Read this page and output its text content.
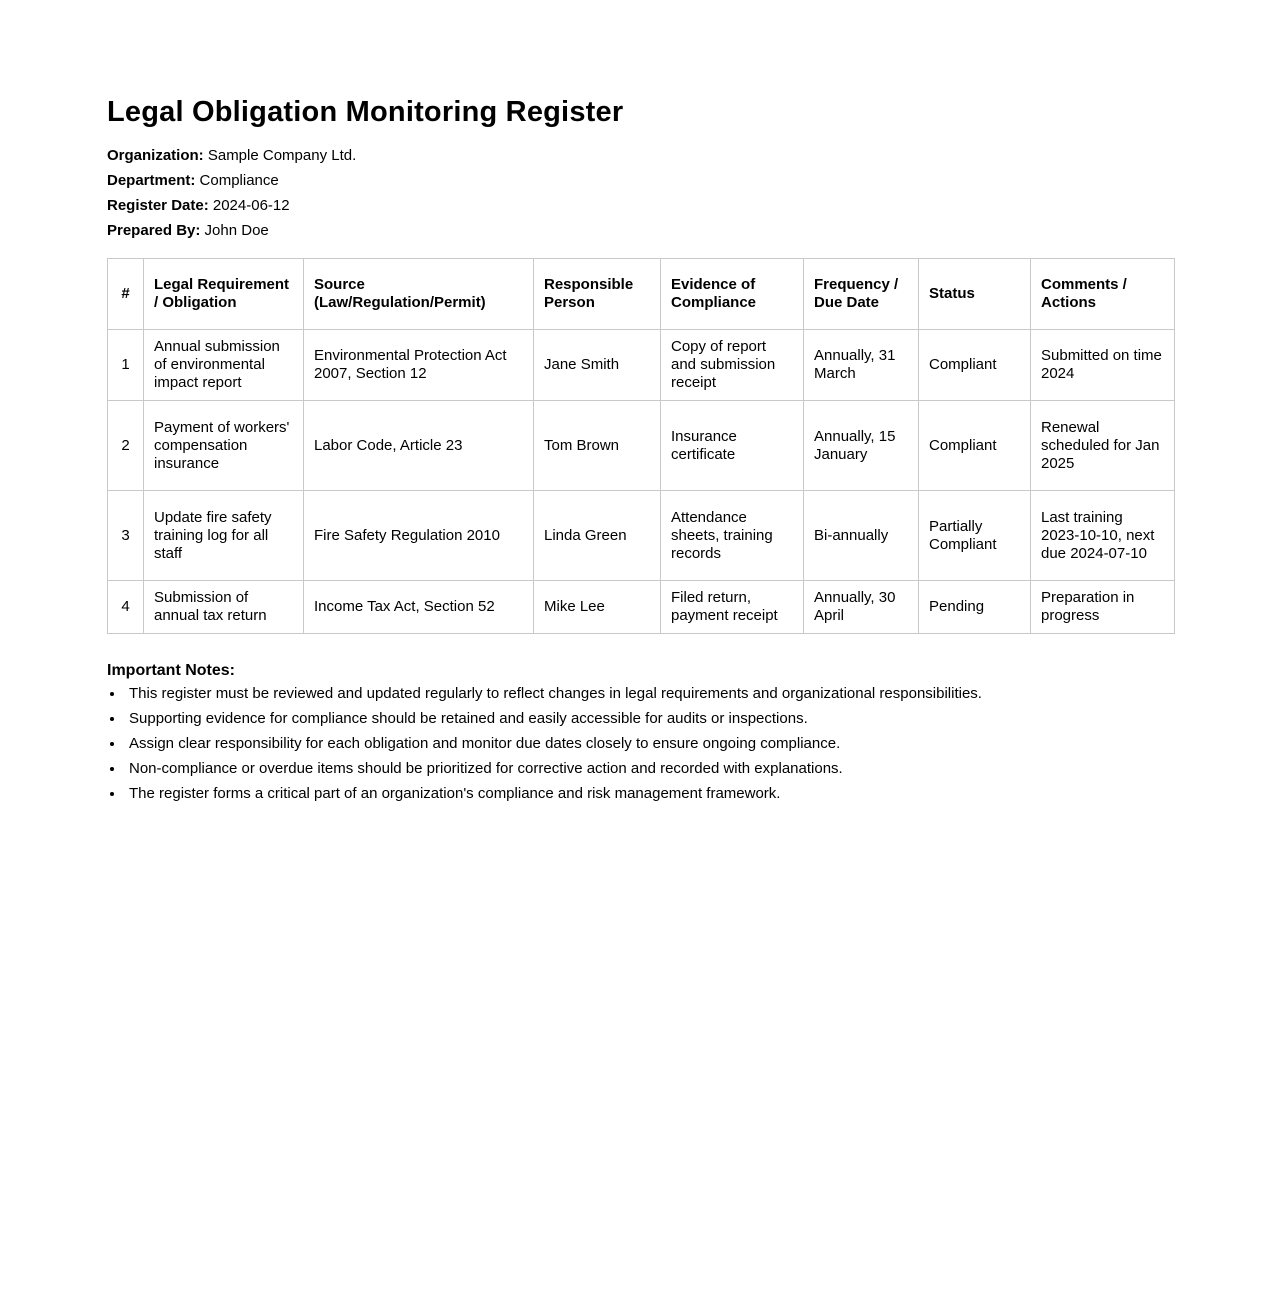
Legal Obligation Monitoring Register

Organization: Sample Company Ltd.

Department: Compliance

Register Date: 2024-06-12

Prepared By: John Doe

#	Legal Requirement / Obligation	Source (Law/Regulation/Permit)	Responsible Person	Evidence of Compliance	Frequency / Due Date	Status	Comments / Actions
1	Annual submission of environmental impact report	Environmental Protection Act 2007, Section 12	Jane Smith	Copy of report and submission receipt	Annually, 31 March	Compliant	Submitted on time 2024
2	Payment of workers' compensation insurance	Labor Code, Article 23	Tom Brown	Insurance certificate	Annually, 15 January	Compliant	Renewal scheduled for Jan 2025
3	Update fire safety training log for all staff	Fire Safety Regulation 2010	Linda Green	Attendance sheets, training records	Bi-annually	Partially Compliant	Last training 2023-10-10, next due 2024-07-10
4	Submission of annual tax return	Income Tax Act, Section 52	Mike Lee	Filed return, payment receipt	Annually, 30 April	Pending	Preparation in progress
Important Notes:
• This register must be reviewed and updated regularly to reflect changes in legal requirements and organizational responsibilities.
• Supporting evidence for compliance should be retained and easily accessible for audits or inspections.
• Assign clear responsibility for each obligation and monitor due dates closely to ensure ongoing compliance.
• Non-compliance or overdue items should be prioritized for corrective action and recorded with explanations.
• The register forms a critical part of an organization's compliance and risk management framework.
